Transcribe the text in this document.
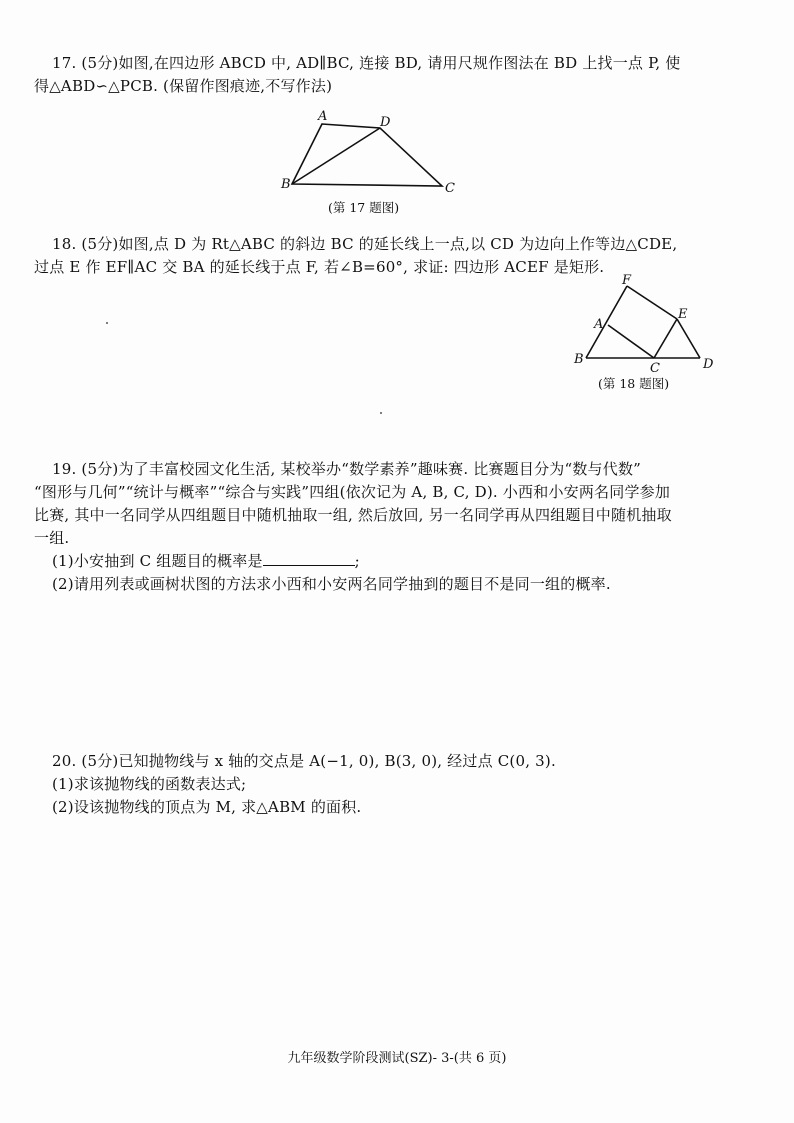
17. (5分)如图,在四边形 ABCD 中, AD∥BC, 连接 BD, 请用尺规作图法在 BD 上找一点 P, 使
得△ABD∽△PCB. (保留作图痕迹,不写作法)
A	D
B	C
(第 17 题图)
18. (5分)如图,点 D 为 Rt△ABC 的斜边 BC 的延长线上一点,以 CD 为边向上作等边△CDE,
过点 E 作 EF∥AC 交 BA 的延长线于点 F, 若∠B=60°, 求证: 四边形 ACEF 是矩形.
F
A
E
B
C	D
(第 18 题图)
19. (5分)为了丰富校园文化生活, 某校举办“数学素养”趣味赛. 比赛题目分为“数与代数”
“图形与几何”“统计与概率”“综合与实践”四组(依次记为 A, B, C, D). 小西和小安两名同学参加
比赛, 其中一名同学从四组题目中随机抽取一组, 然后放回, 另一名同学再从四组题目中随机抽取
一组.
(1)小安抽到 C 组题目的概率是	;
(2)请用列表或画树状图的方法求小西和小安两名同学抽到的题目不是同一组的概率.
20. (5分)已知抛物线与 x 轴的交点是 A(−1, 0), B(3, 0), 经过点 C(0, 3).
(1)求该抛物线的函数表达式;
(2)设该抛物线的顶点为 M, 求△ABM 的面积.
九年级数学阶段测试(SZ)- 3-(共 6 页)
